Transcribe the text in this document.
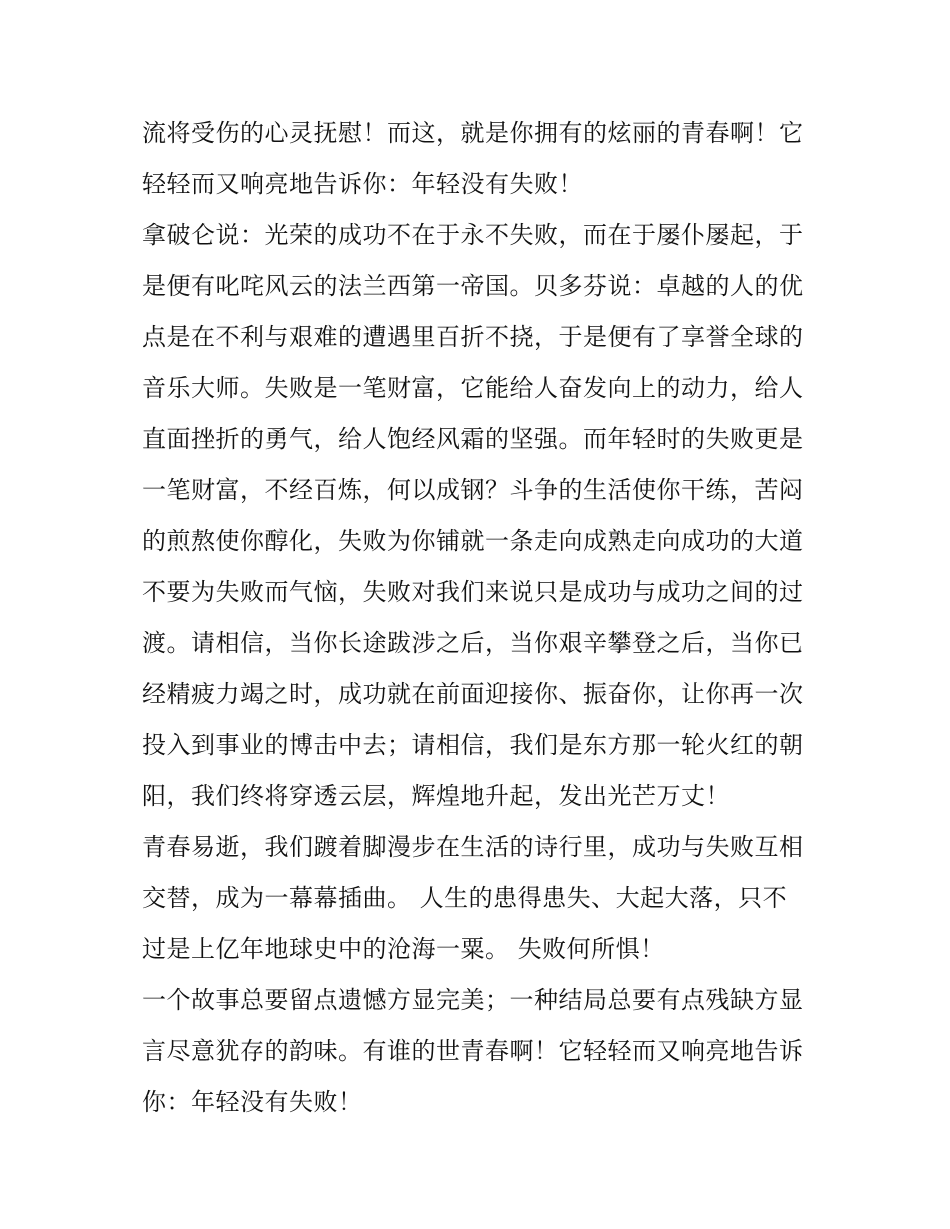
流将受伤的心灵抚慰！而这，就是你拥有的炫丽的青春啊！它
轻轻而又响亮地告诉你：年轻没有失败！
拿破仑说：光荣的成功不在于永不失败，而在于屡仆屡起，于
是便有叱咤风云的法兰西第一帝国。贝多芬说：卓越的人的优
点是在不利与艰难的遭遇里百折不挠，于是便有了享誉全球的
音乐大师。失败是一笔财富，它能给人奋发向上的动力，给人
直面挫折的勇气，给人饱经风霜的坚强。而年轻时的失败更是
一笔财富，不经百炼，何以成钢？斗争的生活使你干练，苦闷
的煎熬使你醇化，失败为你铺就一条走向成熟走向成功的大道
不要为失败而气恼，失败对我们来说只是成功与成功之间的过
渡。请相信，当你长途跋涉之后，当你艰辛攀登之后，当你已
经精疲力竭之时，成功就在前面迎接你、振奋你，让你再一次
投入到事业的博击中去；请相信，我们是东方那一轮火红的朝
阳，我们终将穿透云层，辉煌地升起，发出光芒万丈！
青春易逝，我们踱着脚漫步在生活的诗行里，成功与失败互相
交替，成为一幕幕插曲。 人生的患得患失、大起大落，只不
过是上亿年地球史中的沧海一粟。 失败何所惧！
一个故事总要留点遗憾方显完美；一种结局总要有点残缺方显
言尽意犹存的韵味。有谁的世青春啊！它轻轻而又响亮地告诉
你：年轻没有失败！
